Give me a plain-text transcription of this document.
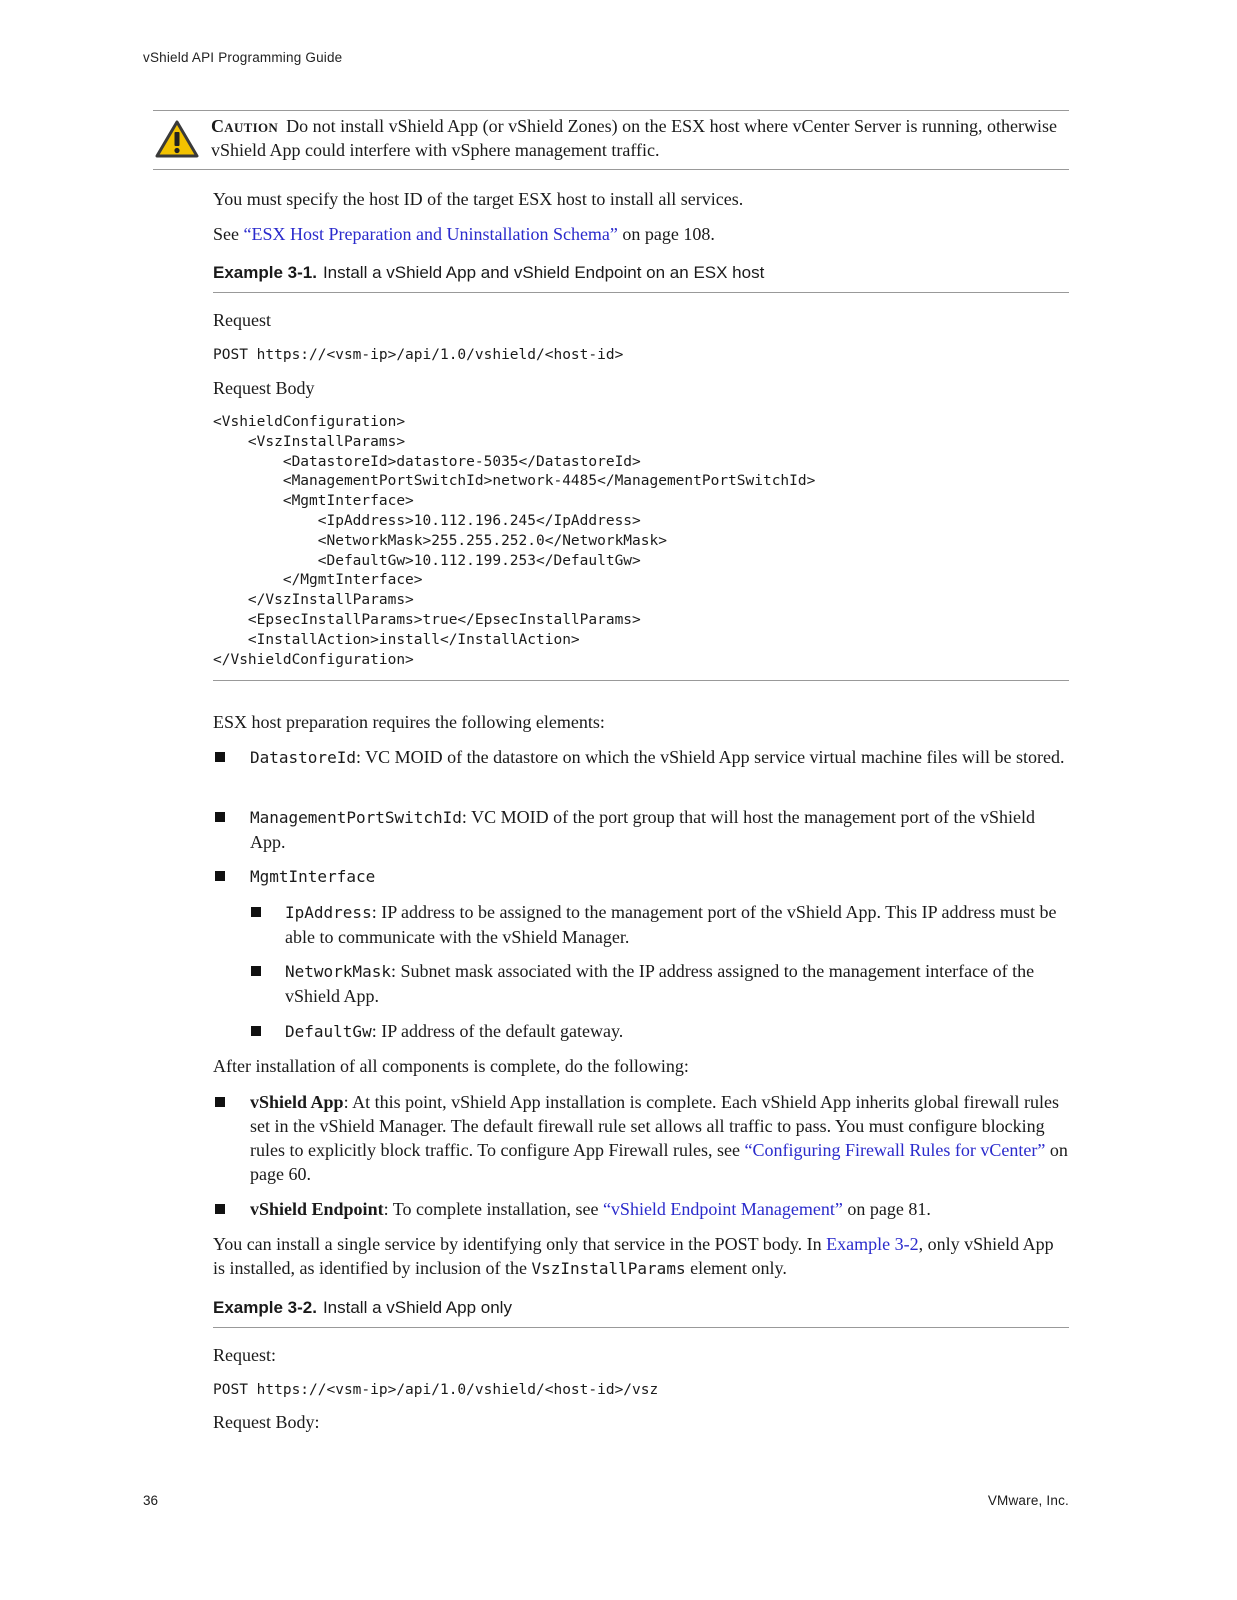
vShield API Programming Guide
Caution Do not install vShield App (or vShield Zones) on the ESX host where vCenter Server is running, otherwise vShield App could interfere with vSphere management traffic.
You must specify the host ID of the target ESX host to install all services.
See “ESX Host Preparation and Uninstallation Schema” on page 108.
Example 3-1. Install a vShield App and vShield Endpoint on an ESX host
Request
POST https://<vsm-ip>/api/1.0/vshield/<host-id>
Request Body
<VshieldConfiguration>
<VszInstallParams>
<DatastoreId>datastore-5035</DatastoreId>
<ManagementPortSwitchId>network-4485</ManagementPortSwitchId>
<MgmtInterface>
<IpAddress>10.112.196.245</IpAddress>
<NetworkMask>255.255.252.0</NetworkMask>
<DefaultGw>10.112.199.253</DefaultGw>
</MgmtInterface>
</VszInstallParams>
<EpsecInstallParams>true</EpsecInstallParams>
<InstallAction>install</InstallAction>
</VshieldConfiguration>
ESX host preparation requires the following elements:
DatastoreId: VC MOID of the datastore on which the vShield App service virtual machine files will be stored.
ManagementPortSwitchId: VC MOID of the port group that will host the management port of the vShield App.
MgmtInterface
IpAddress: IP address to be assigned to the management port of the vShield App. This IP address must be able to communicate with the vShield Manager.
NetworkMask: Subnet mask associated with the IP address assigned to the management interface of the vShield App.
DefaultGw: IP address of the default gateway.
After installation of all components is complete, do the following:
vShield App: At this point, vShield App installation is complete. Each vShield App inherits global firewall rules set in the vShield Manager. The default firewall rule set allows all traffic to pass. You must configure blocking rules to explicitly block traffic. To configure App Firewall rules, see “Configuring Firewall Rules for vCenter” on page 60.
vShield Endpoint: To complete installation, see “vShield Endpoint Management” on page 81.
You can install a single service by identifying only that service in the POST body. In Example 3-2, only vShield App is installed, as identified by inclusion of the VszInstallParams element only.
Example 3-2. Install a vShield App only
Request:
POST https://<vsm-ip>/api/1.0/vshield/<host-id>/vsz
Request Body:
36	VMware, Inc.
